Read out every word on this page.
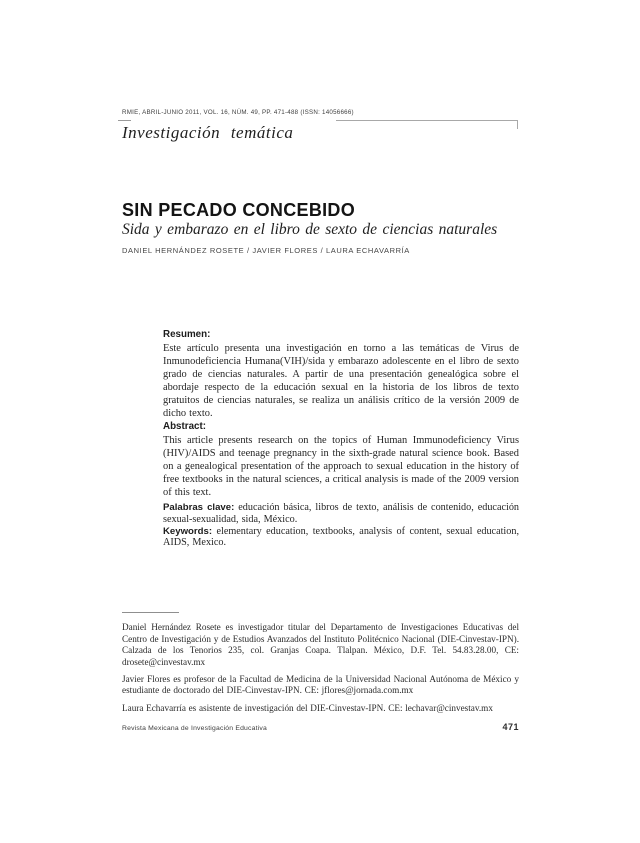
RMIE, ABRIL-JUNIO 2011, VOL. 16, NÚM. 49, PP. 471-488 (ISSN: 14056666)
Investigación temática
SIN PECADO CONCEBIDO
Sida y embarazo en el libro de sexto de ciencias naturales
DANIEL HERNÁNDEZ ROSETE / JAVIER FLORES / LAURA ECHAVARRÍA
Resumen:

Este artículo presenta una investigación en torno a las temáticas de Virus de Inmunodeficiencia Humana(VIH)/sida y embarazo adolescente en el libro de sexto grado de ciencias naturales. A partir de una presentación genealógica sobre el abordaje respecto de la educación sexual en la historia de los libros de texto gratuitos de ciencias naturales, se realiza un análisis crítico de la versión 2009 de dicho texto.

Abstract:

This article presents research on the topics of Human Immunodeficiency Virus (HIV)/AIDS and teenage pregnancy in the sixth-grade natural science book. Based on a genealogical presentation of the approach to sexual education in the history of free textbooks in the natural sciences, a critical analysis is made of the 2009 version of this text.

Palabras clave: educación básica, libros de texto, análisis de contenido, educación sexual-sexualidad, sida, México.

Keywords: elementary education, textbooks, analysis of content, sexual education, AIDS, Mexico.

Daniel Hernández Rosete es investigador titular del Departamento de Investigaciones Educativas del Centro de Investigación y de Estudios Avanzados del Instituto Politécnico Nacional (DIE-Cinvestav-IPN). Calzada de los Tenorios 235, col. Granjas Coapa. Tlalpan. México, D.F. Tel. 54.83.28.00, CE: drosete@cinvestav.mx

Javier Flores es profesor de la Facultad de Medicina de la Universidad Nacional Autónoma de México y estudiante de doctorado del DIE-Cinvestav-IPN. CE: jflores@jornada.com.mx

Laura Echavarría es asistente de investigación del DIE-Cinvestav-IPN. CE: lechavar@cinvestav.mx

Revista Mexicana de Investigación Educativa	471
